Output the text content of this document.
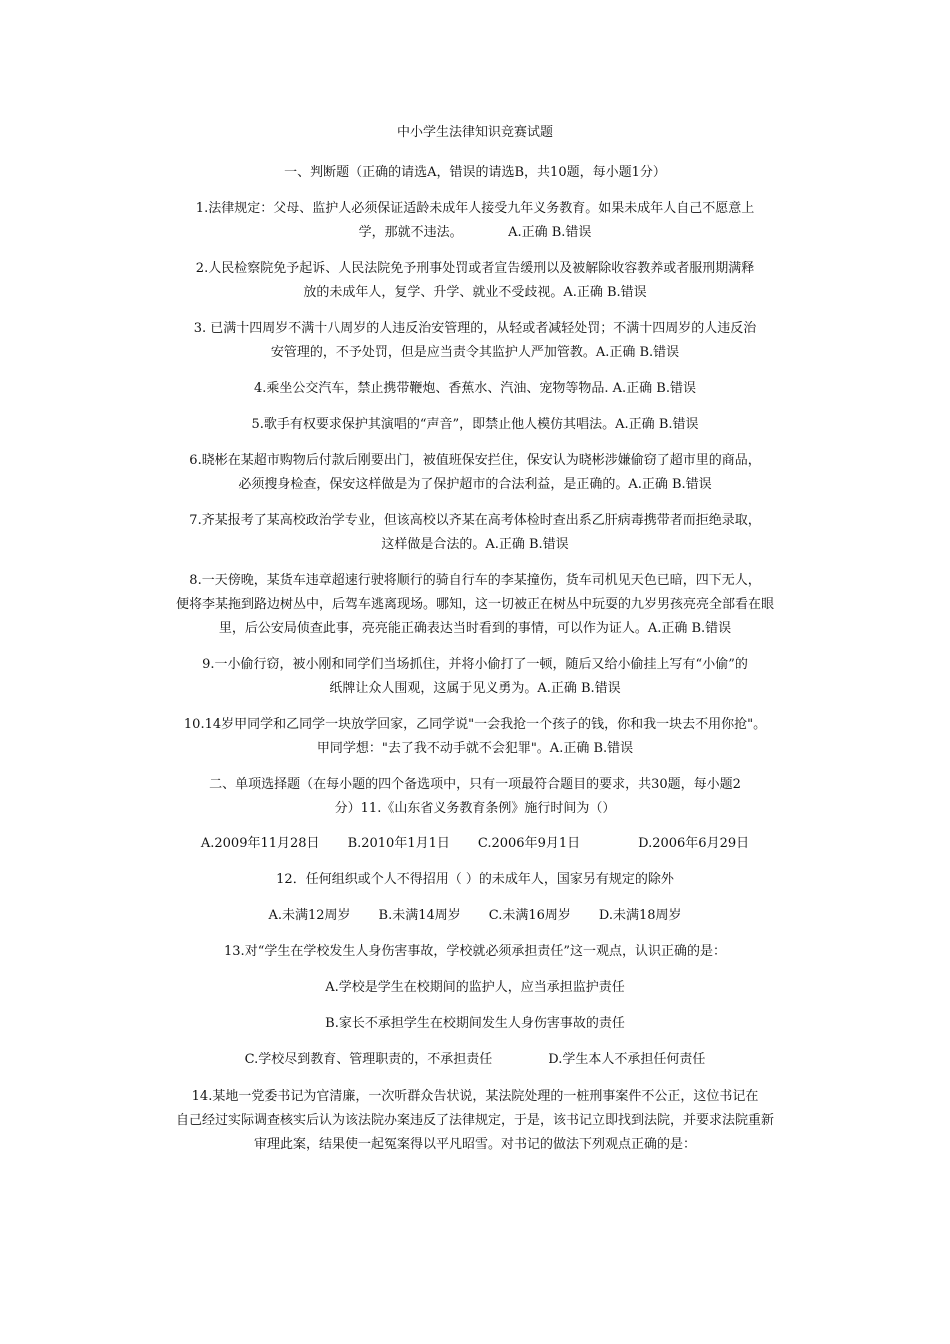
中小学生法律知识竞赛试题
一、判断题（正确的请选A，错误的请选B，共10题，每小题1分）

1.法律规定：父母、监护人必须保证适龄未成年人接受九年义务教育。如果未成年人自己不愿意上

学，那就不违法。　　　　A.正确 B.错误

2.人民检察院免予起诉、人民法院免予刑事处罚或者宣告缓刑以及被解除收容教养或者服刑期满释

放的未成年人，复学、升学、就业不受歧视。A.正确 B.错误

3. 已满十四周岁不满十八周岁的人违反治安管理的，从轻或者减轻处罚；不满十四周岁的人违反治

安管理的，不予处罚，但是应当责令其监护人严加管教。A.正确 B.错误

4.乘坐公交汽车，禁止携带鞭炮、香蕉水、汽油、宠物等物品. A.正确 B.错误

5.歌手有权要求保护其演唱的“声音”，即禁止他人模仿其唱法。A.正确 B.错误

6.晓彬在某超市购物后付款后刚要出门，被值班保安拦住，保安认为晓彬涉嫌偷窃了超市里的商品，

必须搜身检查，保安这样做是为了保护超市的合法利益，是正确的。A.正确 B.错误

7.齐某报考了某高校政治学专业，但该高校以齐某在高考体检时查出系乙肝病毒携带者而拒绝录取，

这样做是合法的。A.正确 B.错误

8.一天傍晚，某货车违章超速行驶将顺行的骑自行车的李某撞伤，货车司机见天色已暗，四下无人，

便将李某拖到路边树丛中，后驾车逃离现场。哪知，这一切被正在树丛中玩耍的九岁男孩亮亮全部看在眼

里，后公安局侦查此事，亮亮能正确表达当时看到的事情，可以作为证人。A.正确 B.错误

9.一小偷行窃，被小刚和同学们当场抓住，并将小偷打了一顿，随后又给小偷挂上写有“小偷”的

纸牌让众人围观，这属于见义勇为。A.正确 B.错误

10.14岁甲同学和乙同学一块放学回家，乙同学说"一会我抢一个孩子的钱，你和我一块去不用你抢"。

甲同学想："去了我不动手就不会犯罪"。A.正确 B.错误

二、单项选择题（在每小题的四个备选项中，只有一项最符合题目的要求，共30题，每小题2

分）11.《山东省义务教育条例》施行时间为（）

A.2009年11月28日 B.2010年1月1日 C.2006年9月1日	D.2006年6月29日
12．任何组织或个人不得招用（ ）的未成年人，国家另有规定的除外
A.未满12周岁 B.未满14周岁 C.未满16周岁 D.未满18周岁
13.对“学生在学校发生人身伤害事故，学校就必须承担责任”这一观点，认识正确的是：
A.学校是学生在校期间的监护人，应当承担监护责任
B.家长不承担学生在校期间发生人身伤害事故的责任
C.学校尽到教育、管理职责的，不承担责任	D.学生本人不承担任何责任

14.某地一党委书记为官清廉，一次听群众告状说，某法院处理的一桩刑事案件不公正，这位书记在

自己经过实际调查核实后认为该法院办案违反了法律规定，于是，该书记立即找到法院，并要求法院重新

审理此案，结果使一起冤案得以平凡昭雪。对书记的做法下列观点正确的是：
